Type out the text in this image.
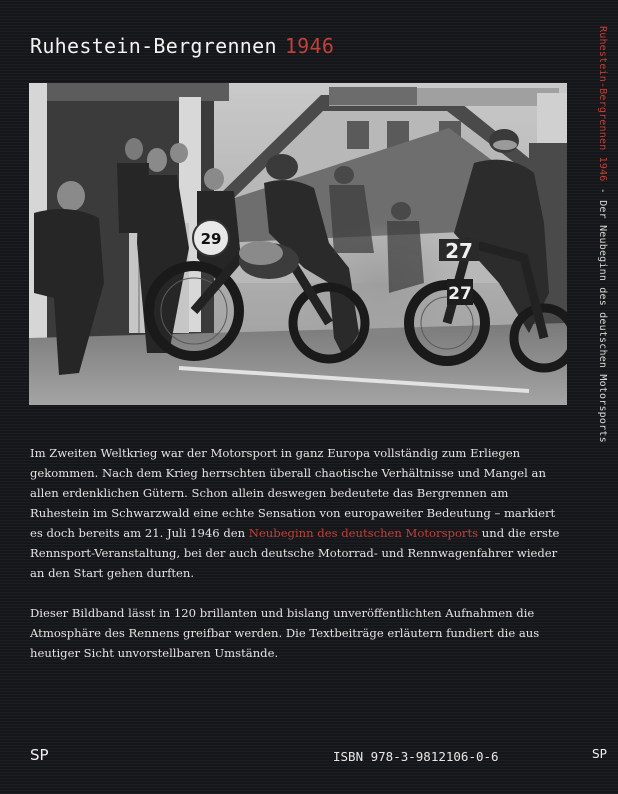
Ruhestein-Bergrennen 1946	Ruhestein-Bergrennen 1946 - Der Neubeginn des deutschen Motorsports
29	27
27

Im Zweiten Weltkrieg war der Motorsport in ganz Europa vollständig zum Erliegen gekommen. Nach dem Krieg herrschten überall chaotische Verhältnisse und Mangel an allen erdenklichen Gütern. Schon allein deswegen bedeutete das Bergrennen am Ruhestein im Schwarzwald eine echte Sensation von europaweiter Bedeutung – markiert es doch bereits am 21. Juli 1946 den Neubeginn des deutschen Motorsports und die erste Rennsport-Veranstaltung, bei der auch deutsche Motorrad- und Rennwagenfahrer wieder an den Start gehen durften.

Dieser Bildband lässt in 120 brillanten und bislang unveröffentlichten Aufnahmen die Atmosphäre des Rennens greifbar werden. Die Textbeiträge erläutern fundiert die aus heutiger Sicht unvorstellbaren Umstände.

SP	ISBN 978-3-9812106-0-6	SP
